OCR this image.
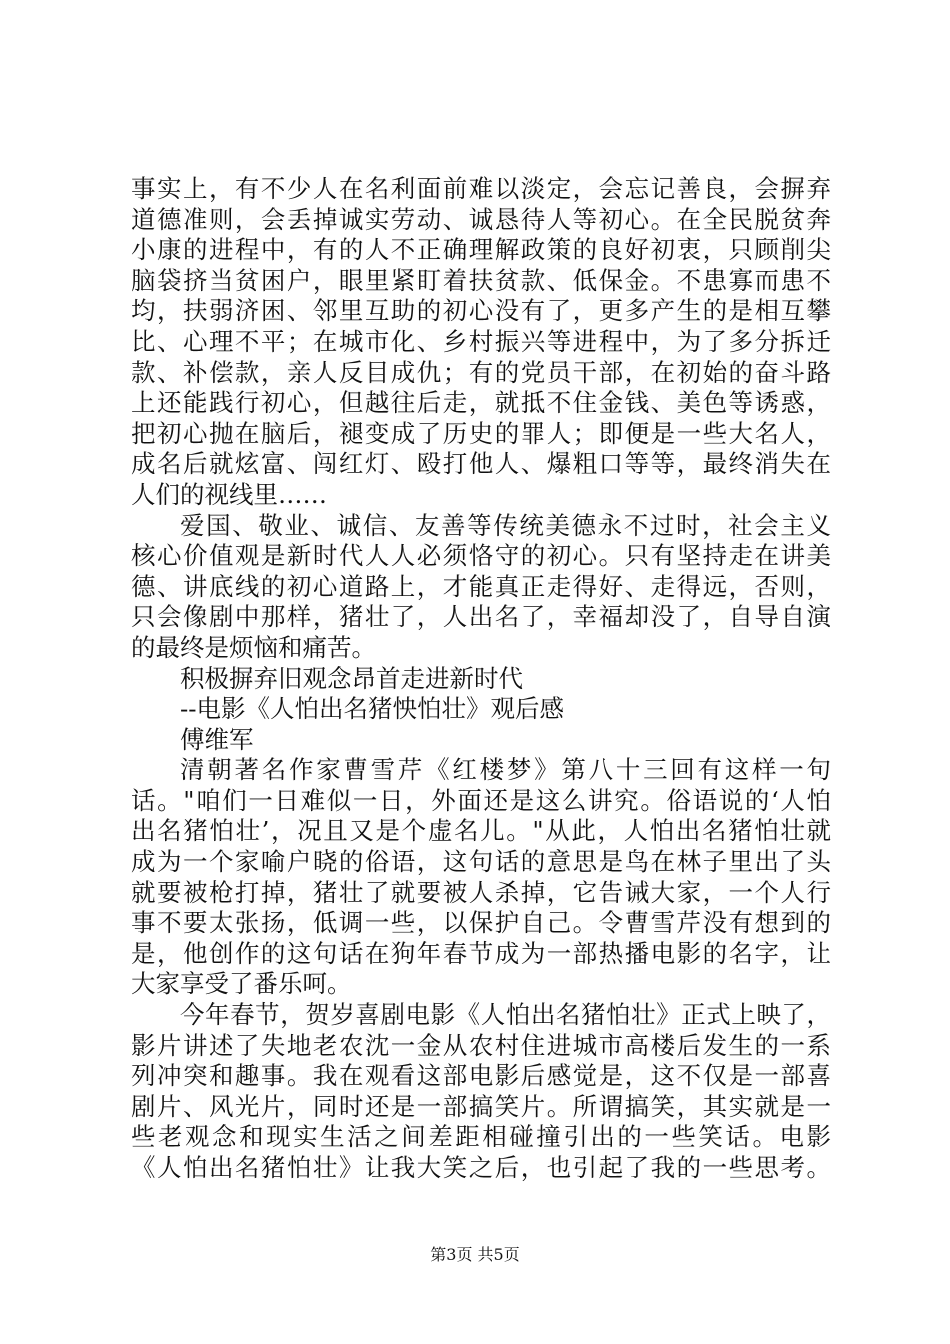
事实上，有不少人在名利面前难以淡定，会忘记善良，会摒弃
道德准则，会丢掉诚实劳动、诚恳待人等初心。在全民脱贫奔
小康的进程中，有的人不正确理解政策的良好初衷，只顾削尖
脑袋挤当贫困户，眼里紧盯着扶贫款、低保金。不患寡而患不
均，扶弱济困、邻里互助的初心没有了，更多产生的是相互攀
比、心理不平；在城市化、乡村振兴等进程中，为了多分拆迁
款、补偿款，亲人反目成仇；有的党员干部，在初始的奋斗路
上还能践行初心，但越往后走，就抵不住金钱、美色等诱惑，
把初心抛在脑后，褪变成了历史的罪人；即便是一些大名人，
成名后就炫富、闯红灯、殴打他人、爆粗口等等，最终消失在
人们的视线里……
爱国、敬业、诚信、友善等传统美德永不过时，社会主义
核心价值观是新时代人人必须恪守的初心。只有坚持走在讲美
德、讲底线的初心道路上，才能真正走得好、走得远，否则，
只会像剧中那样，猪壮了，人出名了，幸福却没了，自导自演
的最终是烦恼和痛苦。
积极摒弃旧观念昂首走进新时代
--电影《人怕出名猪怏怕壮》观后感
傅维军
清朝著名作家曹雪芹《红楼梦》第八十三回有这样一句
话。"咱们一日难似一日，外面还是这么讲究。俗语说的‘人怕
出名猪怕壮’，况且又是个虚名儿。"从此，人怕出名猪怕壮就
成为一个家喻户晓的俗语，这句话的意思是鸟在林子里出了头
就要被枪打掉，猪壮了就要被人杀掉，它告诫大家，一个人行
事不要太张扬，低调一些，以保护自己。令曹雪芹没有想到的
是，他创作的这句话在狗年春节成为一部热播电影的名字，让
大家享受了番乐呵。
今年春节，贺岁喜剧电影《人怕出名猪怕壮》正式上映了，
影片讲述了失地老农沈一金从农村住进城市高楼后发生的一系
列冲突和趣事。我在观看这部电影后感觉是，这不仅是一部喜
剧片、风光片，同时还是一部搞笑片。所谓搞笑，其实就是一
些老观念和现实生活之间差距相碰撞引出的一些笑话。电影
《人怕出名猪怕壮》让我大笑之后，也引起了我的一些思考。
第3页 共5页
